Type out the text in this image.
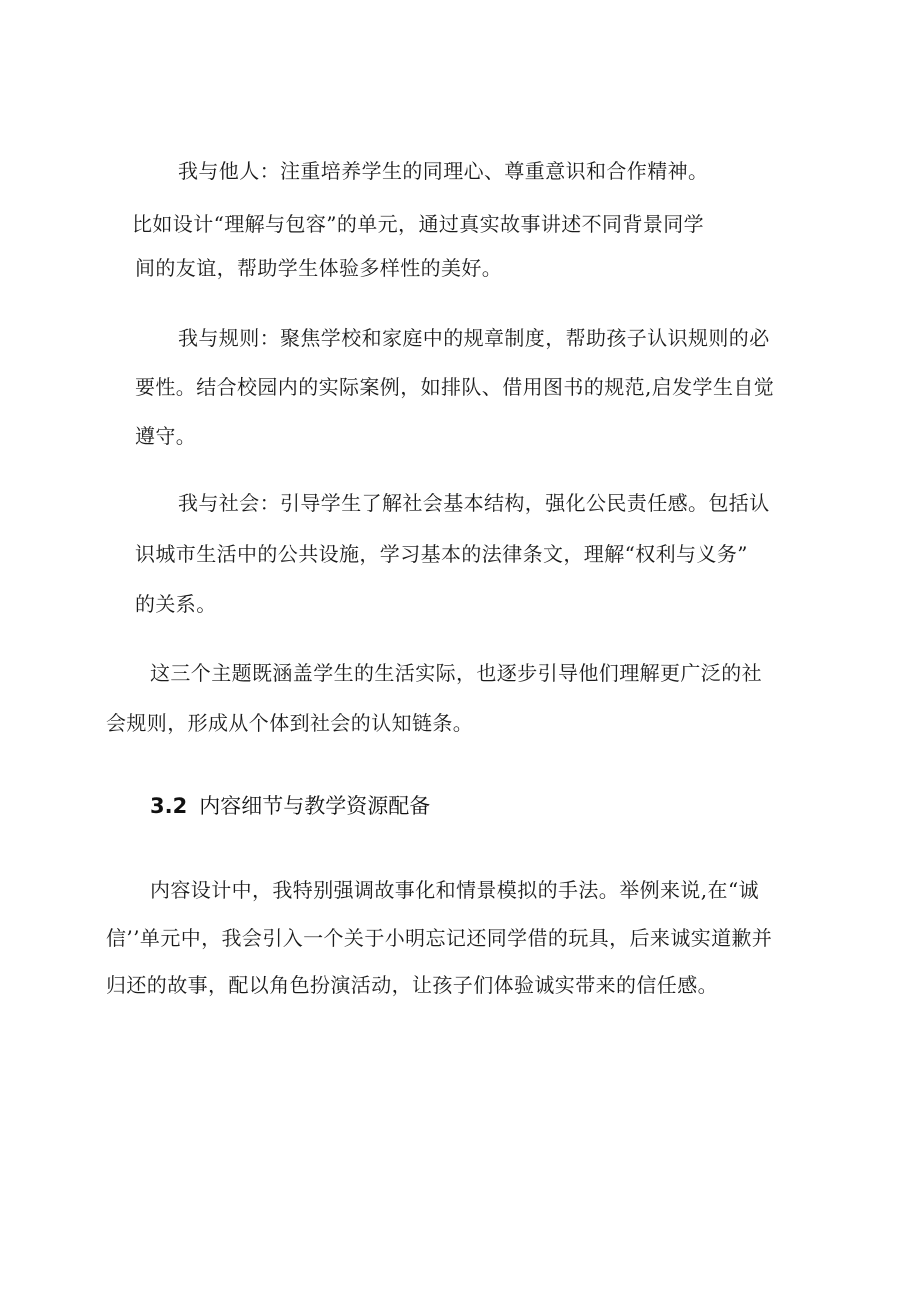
我与他人：注重培养学生的同理心、尊重意识和合作精神。
比如设计“理解与包容”的单元，通过真实故事讲述不同背景同学
间的友谊，帮助学生体验多样性的美好。
我与规则：聚焦学校和家庭中的规章制度，帮助孩子认识规则的必
要性。结合校园内的实际案例，如排队、借用图书的规范,启发学生自觉
遵守。
我与社会：引导学生了解社会基本结构，强化公民责任感。包括认
识城市生活中的公共设施，学习基本的法律条文，理解“权利与义务”
的关系。
这三个主题既涵盖学生的生活实际，也逐步引导他们理解更广泛的社
会规则，形成从个体到社会的认知链条。
3.2 内容细节与教学资源配备
内容设计中，我特别强调故事化和情景模拟的手法。举例来说,在“诚
信’’单元中，我会引入一个关于小明忘记还同学借的玩具，后来诚实道歉并
归还的故事，配以角色扮演活动，让孩子们体验诚实带来的信任感。
